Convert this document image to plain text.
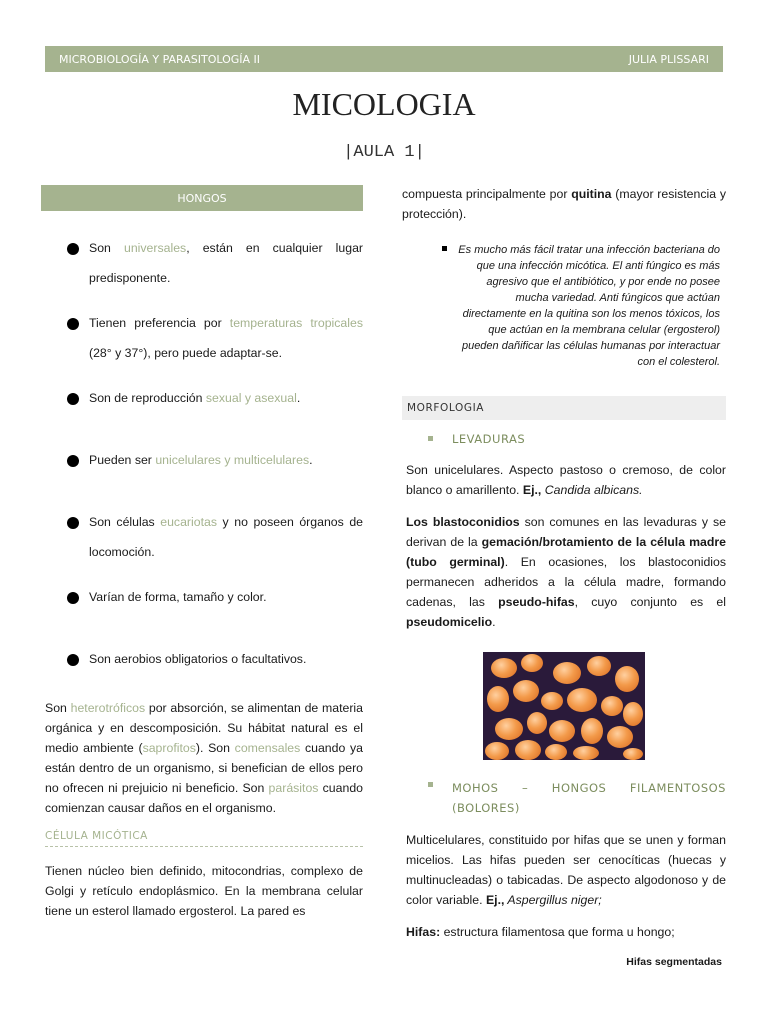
MICROBIOLOGÍA Y PARASITOLOGÍA II	JULIA PLISSARI
MICOLOGIA
|AULA 1|
HONGOS
Son universales, están en cualquier lugar predisponente.
Tienen preferencia por temperaturas tropicales (28° y 37°), pero puede adaptar-se.
Son de reproducción sexual y asexual.
Pueden ser unicelulares y multicelulares.
Son células eucariotas y no poseen órganos de locomoción.
Varían de forma, tamaño y color.
Son aerobios obligatorios o facultativos.
Son heterotróficos por absorción, se alimentan de materia orgánica y en descomposición. Su hábitat natural es el medio ambiente (saprofitos). Son comensales cuando ya están dentro de un organismo, si benefician de ellos pero no ofrecen ni prejuicio ni beneficio. Son parásitos cuando comienzan causar daños en el organismo.
CÉLULA MICÓTICA
Tienen núcleo bien definido, mitocondrias, complexo de Golgi y retículo endoplásmico. En la membrana celular tiene un esterol llamado ergosterol. La pared es
compuesta principalmente por quitina (mayor resistencia y protección).
Es mucho más fácil tratar una infección bacteriana do que una infección micótica. El anti fúngico es más agresivo que el antibiótico, y por ende no posee mucha variedad. Anti fúngicos que actúan directamente en la quitina son los menos tóxicos, los que actúan en la membrana celular (ergosterol) pueden dañificar las células humanas por interactuar con el colesterol.
MORFOLOGIA
LEVADURAS
Son unicelulares. Aspecto pastoso o cremoso, de color blanco o amarillento. Ej., Candida albicans.
Los blastoconidios son comunes en las levaduras y se derivan de la gemación/brotamiento de la célula madre (tubo germinal). En ocasiones, los blastoconidios permanecen adheridos a la célula madre, formando cadenas, las pseudo-hifas, cuyo conjunto es el pseudomicelio.
MOHOS – HONGOS FILAMENTOSOS
(BOLORES)
Multicelulares, constituido por hifas que se unen y forman micelios. Las hifas pueden ser cenocíticas (huecas y multinucleadas) o tabicadas. De aspecto algodonoso y de color variable. Ej., Aspergillus niger;
Hifas: estructura filamentosa que forma u hongo;
Hifas segmentadas
